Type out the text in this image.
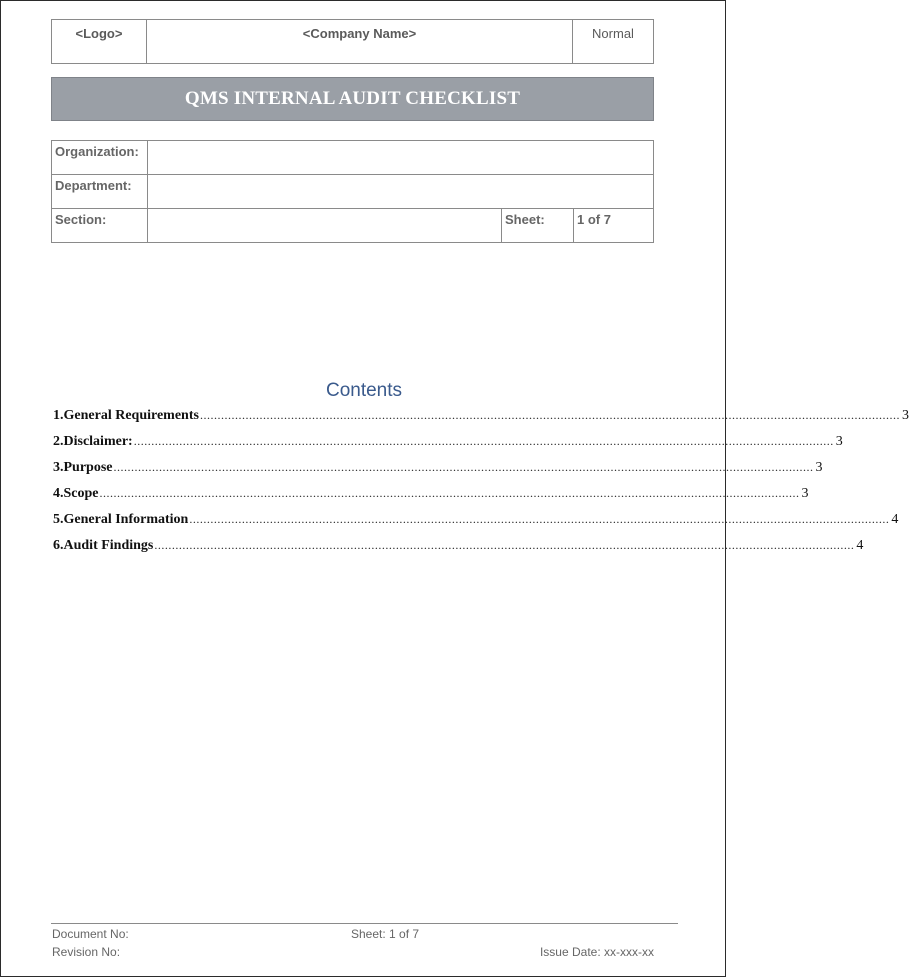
<Logo>	<Company Name>	Normal
QMS INTERNAL AUDIT CHECKLIST
Organization:			
Department:			
Section:		Sheet:	1 of 7
Contents
1. General Requirements ........................................................................................................................................................................................................ 3
2. Disclaimer: ........................................................................................................................................................................................................ 3
3. Purpose ........................................................................................................................................................................................................ 3
4. Scope ........................................................................................................................................................................................................ 3
5. General Information ........................................................................................................................................................................................................ 4
6. Audit Findings ........................................................................................................................................................................................................ 4
Document No:	Sheet: 1 of 7
Revision No:	Issue Date: xx-xxx-xx
